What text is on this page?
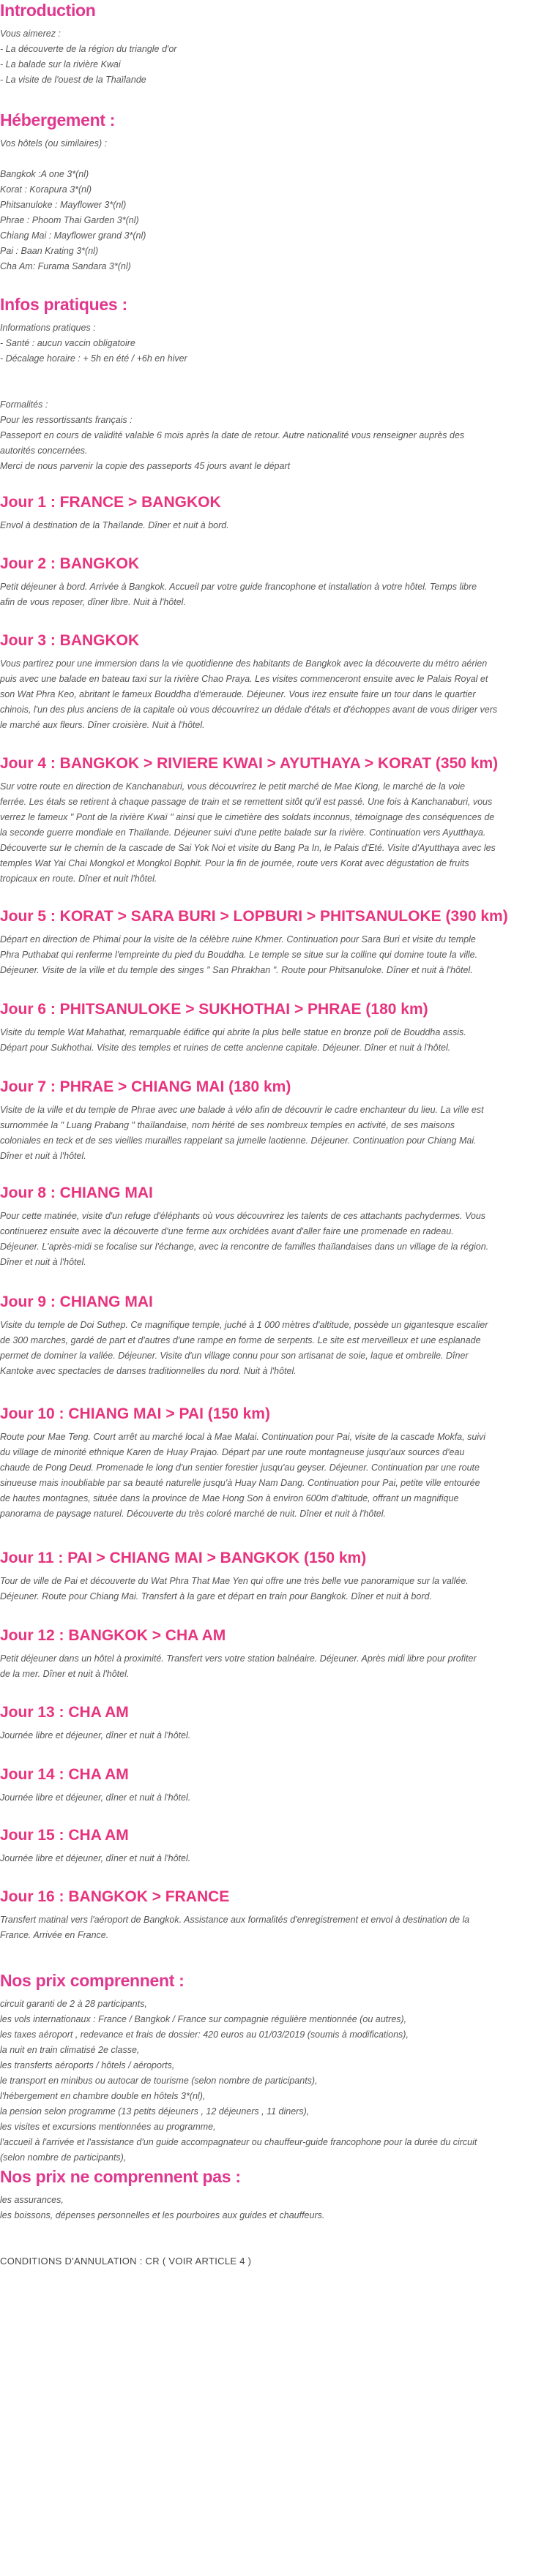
Introduction
Vous aimerez :
- La découverte de la région du triangle d'or
- La balade sur la rivière Kwai
- La visite de l'ouest de la Thaïlande
Hébergement :
Vos hôtels (ou similaires) :
Bangkok :A one 3*(nl)
Korat : Korapura 3*(nl)
Phitsanuloke : Mayflower 3*(nl)
Phrae : Phoom Thai Garden 3*(nl)
Chiang Mai : Mayflower grand 3*(nl)
Pai : Baan Krating 3*(nl)
Cha Am: Furama Sandara 3*(nl)
Infos pratiques :
Informations pratiques :
- Santé : aucun vaccin obligatoire
- Décalage horaire : + 5h en été / +6h en hiver
Formalités :
Pour les ressortissants français :
Passeport en cours de validité valable 6 mois après la date de retour. Autre nationalité vous renseigner auprès des
autorités concernées.
Merci de nous parvenir la copie des passeports 45 jours avant le départ
Jour 1 : FRANCE > BANGKOK
Envol à destination de la Thaïlande. Dîner et nuit à bord.
Jour 2 : BANGKOK
Petit déjeuner à bord. Arrivée à Bangkok. Accueil par votre guide francophone et installation à votre hôtel. Temps libre
afin de vous reposer, dîner libre. Nuit à l'hôtel.
Jour 3 : BANGKOK
Vous partirez pour une immersion dans la vie quotidienne des habitants de Bangkok avec la découverte du métro aérien
puis avec une balade en bateau taxi sur la rivière Chao Praya. Les visites commenceront ensuite avec le Palais Royal et
son Wat Phra Keo, abritant le fameux Bouddha d'émeraude. Déjeuner. Vous irez ensuite faire un tour dans le quartier
chinois, l'un des plus anciens de la capitale où vous découvrirez un dédale d'étals et d'échoppes avant de vous diriger vers
le marché aux fleurs. Dîner croisière. Nuit à l'hôtel.
Jour 4 : BANGKOK > RIVIERE KWAI > AYUTHAYA > KORAT (350 km)
Sur votre route en direction de Kanchanaburi, vous découvrirez le petit marché de Mae Klong, le marché de la voie
ferrée. Les étals se retirent à chaque passage de train et se remettent sitôt qu'il est passé. Une fois à Kanchanaburi, vous
verrez le fameux " Pont de la rivière Kwaï " ainsi que le cimetière des soldats inconnus, témoignage des conséquences de
la seconde guerre mondiale en Thaïlande. Déjeuner suivi d'une petite balade sur la rivière. Continuation vers Ayutthaya.
Découverte sur le chemin de la cascade de Sai Yok Noi et visite du Bang Pa In, le Palais d'Eté. Visite d'Ayutthaya avec les
temples Wat Yai Chai Mongkol et Mongkol Bophit. Pour la fin de journée, route vers Korat avec dégustation de fruits
tropicaux en route. Dîner et nuit l'hôtel.
Jour 5 : KORAT > SARA BURI > LOPBURI > PHITSANULOKE (390 km)
Départ en direction de Phimai pour la visite de la célèbre ruine Khmer. Continuation pour Sara Buri et visite du temple
Phra Puthabat qui renferme l'empreinte du pied du Bouddha. Le temple se situe sur la colline qui domine toute la ville.
Déjeuner. Visite de la ville et du temple des singes " San Phrakhan ". Route pour Phitsanuloke. Dîner et nuit à l'hôtel.
Jour 6 : PHITSANULOKE > SUKHOTHAI > PHRAE (180 km)
Visite du temple Wat Mahathat, remarquable édifice qui abrite la plus belle statue en bronze poli de Bouddha assis.
Départ pour Sukhothai. Visite des temples et ruines de cette ancienne capitale. Déjeuner. Dîner et nuit à l'hôtel.
Jour 7 : PHRAE > CHIANG MAI (180 km)
Visite de la ville et du temple de Phrae avec une balade à vélo afin de découvrir le cadre enchanteur du lieu. La ville est
surnommée la " Luang Prabang " thaïlandaise, nom hérité de ses nombreux temples en activité, de ses maisons
coloniales en teck et de ses vieilles murailles rappelant sa jumelle laotienne. Déjeuner. Continuation pour Chiang Mai.
Dîner et nuit à l'hôtel.
Jour 8 : CHIANG MAI
Pour cette matinée, visite d'un refuge d'éléphants où vous découvrirez les talents de ces attachants pachydermes. Vous
continuerez ensuite avec la découverte d'une ferme aux orchidées avant d'aller faire une promenade en radeau.
Déjeuner. L'après-midi se focalise sur l'échange, avec la rencontre de familles thaïlandaises dans un village de la région.
Dîner et nuit à l'hôtel.
Jour 9 : CHIANG MAI
Visite du temple de Doi Suthep. Ce magnifique temple, juché à 1 000 mètres d'altitude, possède un gigantesque escalier
de 300 marches, gardé de part et d'autres d'une rampe en forme de serpents. Le site est merveilleux et une esplanade
permet de dominer la vallée. Déjeuner. Visite d'un village connu pour son artisanat de soie, laque et ombrelle. Dîner
Kantoke avec spectacles de danses traditionnelles du nord. Nuit à l'hôtel.
Jour 10 : CHIANG MAI > PAI (150 km)
Route pour Mae Teng. Court arrêt au marché local à Mae Malai. Continuation pour Pai, visite de la cascade Mokfa, suivi
du village de minorité ethnique Karen de Huay Prajao. Départ par une route montagneuse jusqu'aux sources d'eau
chaude de Pong Deud. Promenade le long d'un sentier forestier jusqu'au geyser. Déjeuner. Continuation par une route
sinueuse mais inoubliable par sa beauté naturelle jusqu'à Huay Nam Dang. Continuation pour Pai, petite ville entourée
de hautes montagnes, située dans la province de Mae Hong Son à environ 600m d'altitude, offrant un magnifique
panorama de paysage naturel. Découverte du très coloré marché de nuit. Dîner et nuit à l'hôtel.
Jour 11 : PAI > CHIANG MAI > BANGKOK (150 km)
Tour de ville de Pai et découverte du Wat Phra That Mae Yen qui offre une très belle vue panoramique sur la vallée.
Déjeuner. Route pour Chiang Mai. Transfert à la gare et départ en train pour Bangkok. Dîner et nuit à bord.
Jour 12 : BANGKOK > CHA AM
Petit déjeuner dans un hôtel à proximité. Transfert vers votre station balnéaire. Déjeuner. Après midi libre pour profiter
de la mer. Dîner et nuit à l'hôtel.
Jour 13 : CHA AM
Journée libre et déjeuner, dîner et nuit à l'hôtel.
Jour 14 : CHA AM
Journée libre et déjeuner, dîner et nuit à l'hôtel.
Jour 15 : CHA AM
Journée libre et déjeuner, dîner et nuit à l'hôtel.
Jour 16 : BANGKOK > FRANCE
Transfert matinal vers l'aéroport de Bangkok. Assistance aux formalités d'enregistrement et envol à destination de la
France. Arrivée en France.
Nos prix comprennent :
circuit garanti de 2 à 28 participants,
les vols internationaux : France / Bangkok / France sur compagnie régulière mentionnée (ou autres),
les taxes aéroport , redevance et frais de dossier: 420 euros au 01/03/2019 (soumis à modifications),
la nuit en train climatisé 2e classe,
les transferts aéroports / hôtels / aéroports,
le transport en minibus ou autocar de tourisme (selon nombre de participants),
l'hébergement en chambre double en hôtels 3*(nl),
la pension selon programme (13 petits déjeuners , 12 déjeuners , 11 diners),
les visites et excursions mentionnées au programme,
l'accueil à l'arrivée et l'assistance d'un guide accompagnateur ou chauffeur-guide francophone pour la durée du circuit
(selon nombre de participants),
Nos prix ne comprennent pas :
les assurances,
les boissons, dépenses personnelles et les pourboires aux guides et chauffeurs.
CONDITIONS D'ANNULATION : CR ( VOIR ARTICLE 4 )
